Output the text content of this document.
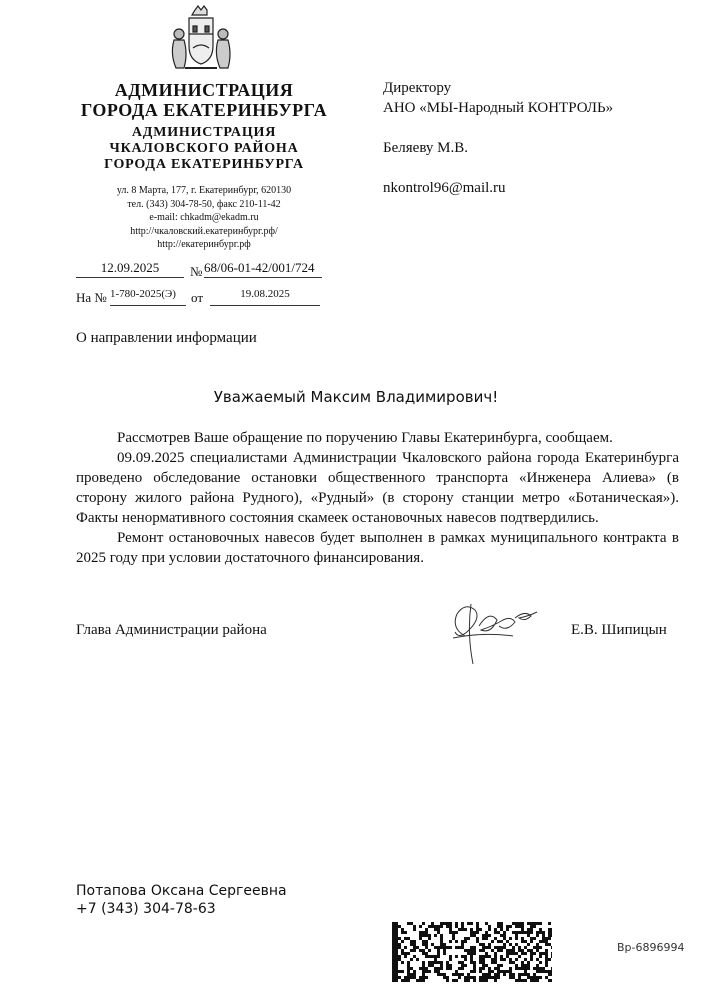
АДМИНИСТРАЦИЯ
ГОРОДА ЕКАТЕРИНБУРГА
АДМИНИСТРАЦИЯ
ЧКАЛОВСКОГО РАЙОНА
ГОРОДА ЕКАТЕРИНБУРГА
ул. 8 Марта, 177, г. Екатеринбург, 620130
тел. (343) 304-78-50, факс 210-11-42
e-mail: chkadm@ekadm.ru
http://чкаловский.екатеринбург.рф/
http://екатеринбург.рф
12.09.2025	№ 68/06-01-42/001/724
На № 1-780-2025(Э)	от	19.08.2025
Директору
АНО «МЫ-Народный КОНТРОЛЬ»
Беляеву М.В.
nkontrol96@mail.ru
О направлении информации
Уважаемый Максим Владимирович!

Рассмотрев Ваше обращение по поручению Главы Екатеринбурга, сообщаем.

09.09.2025 специалистами Администрации Чкаловского района города Екатеринбурга проведено обследование остановки общественного транспорта «Инженера Алиева» (в сторону жилого района Рудного), «Рудный» (в сторону станции метро «Ботаническая»). Факты ненормативного состояния скамеек остановочных навесов подтвердились.

Ремонт остановочных навесов будет выполнен в рамках муниципального контракта в 2025 году при условии достаточного финансирования.

Глава Администрации района	Е.В. Шипицын
Потапова Оксана Сергеевна
+7 (343) 304-78-63
Вр-6896994
